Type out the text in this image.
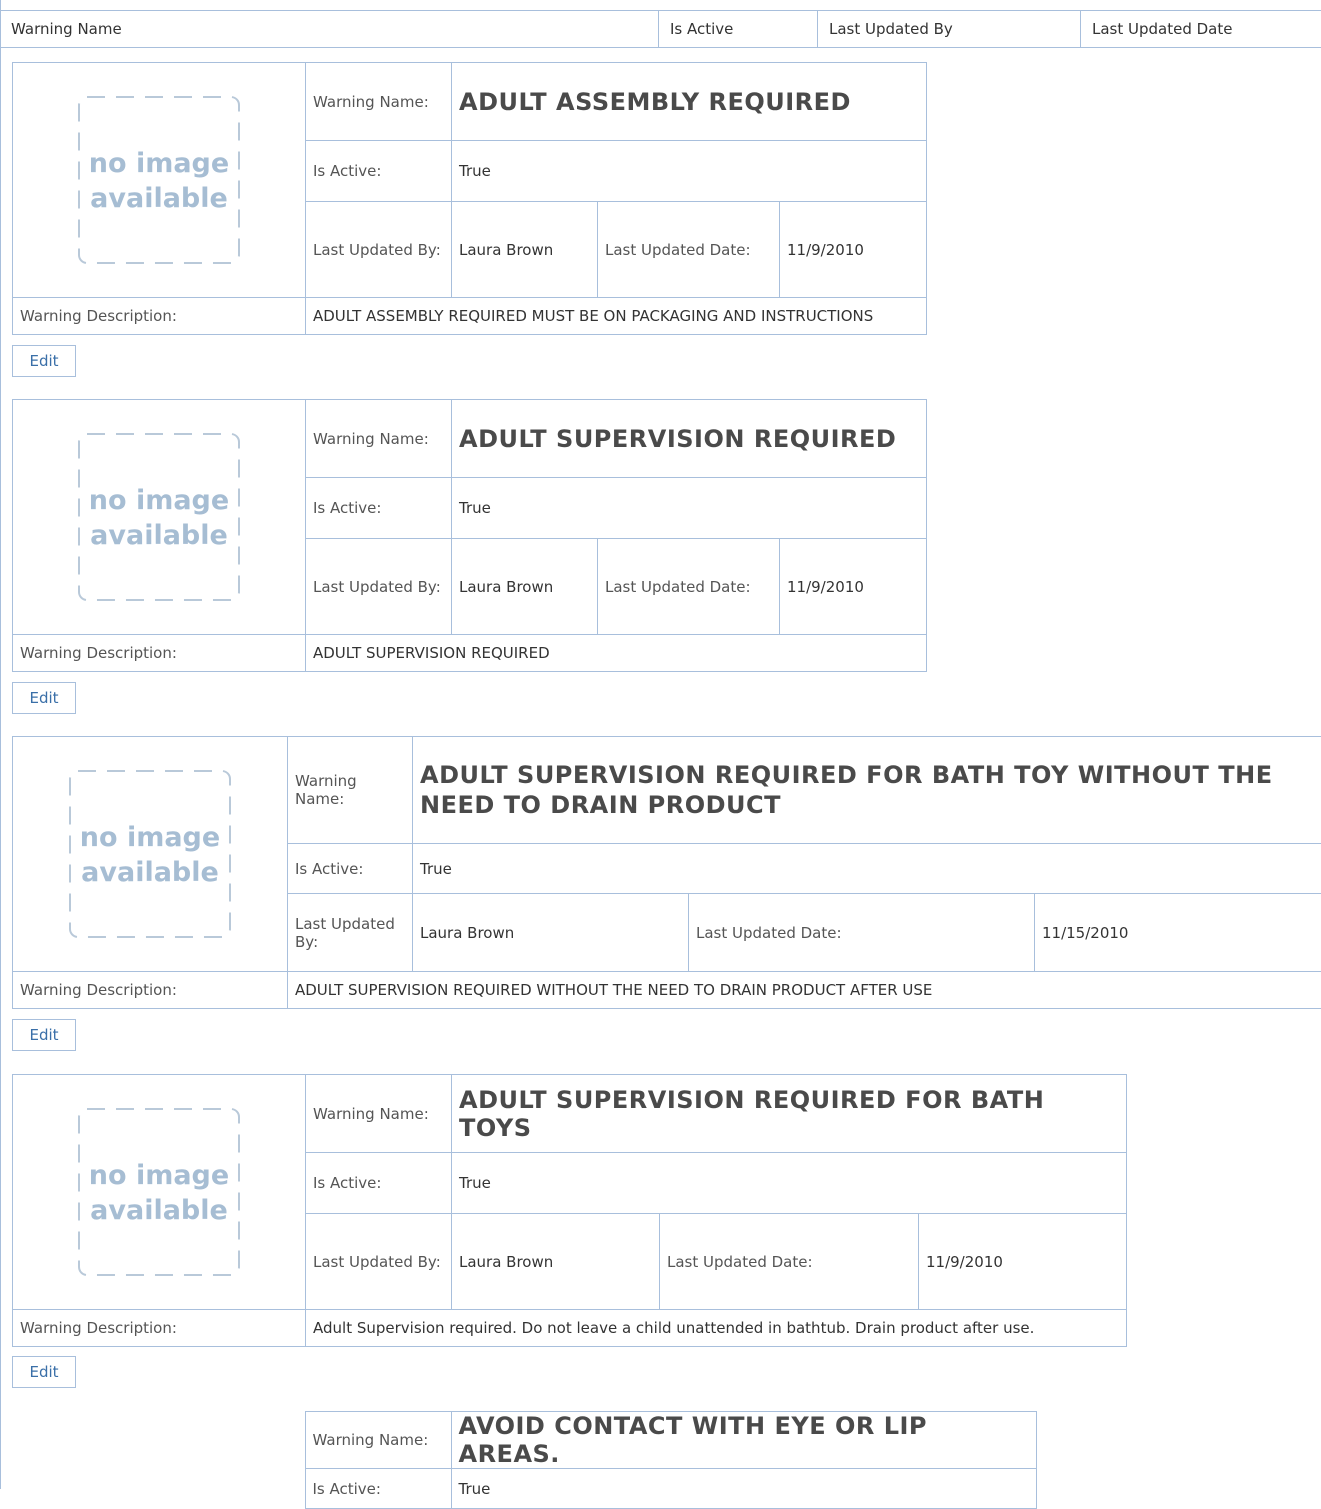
Warning Name	Is Active	Last Updated By	Last Updated Date
no image
available	Warning Name:	ADULT ASSEMBLY REQUIRED		
	Is Active:	True		
	Last Updated By:	Laura Brown	Last Updated Date:	11/9/2010
Warning Description:	ADULT ASSEMBLY REQUIRED MUST BE ON PACKAGING AND INSTRUCTIONS			
Edit
no image
available	Warning Name:	ADULT SUPERVISION REQUIRED		
	Is Active:	True		
	Last Updated By:	Laura Brown	Last Updated Date:	11/9/2010
Warning Description:	ADULT SUPERVISION REQUIRED			
Edit
no image
available	Warning Name:	ADULT SUPERVISION REQUIRED FOR BATH TOY WITHOUT THE NEED TO DRAIN PRODUCT		
	Is Active:	True		
	Last Updated By:	Laura Brown	Last Updated Date:	11/15/2010
Warning Description:	ADULT SUPERVISION REQUIRED WITHOUT THE NEED TO DRAIN PRODUCT AFTER USE			
Edit
no image
available	Warning Name:	ADULT SUPERVISION REQUIRED FOR BATH TOYS		
	Is Active:	True		
	Last Updated By:	Laura Brown	Last Updated Date:	11/9/2010
Warning Description:	Adult Supervision required. Do not leave a child unattended in bathtub. Drain product after use.			
Edit
	Warning Name:	AVOID CONTACT WITH EYE OR LIP AREAS.
	Is Active:	True
